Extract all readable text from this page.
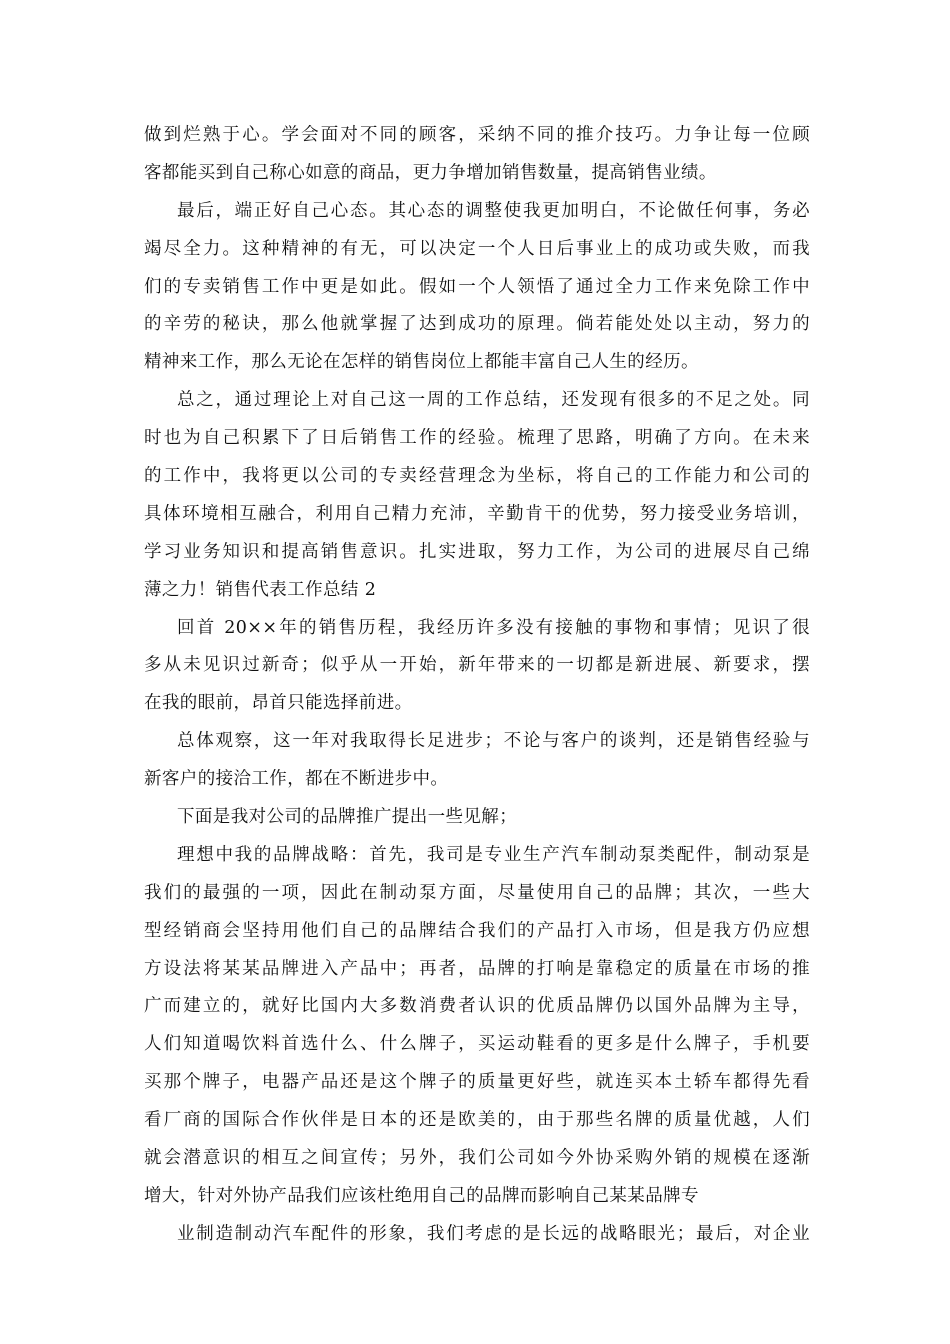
做到烂熟于心。学会面对不同的顾客，采纳不同的推介技巧。力争让每一位顾
客都能买到自己称心如意的商品，更力争增加销售数量，提高销售业绩。
最后，端正好自己心态。其心态的调整使我更加明白，不论做任何事，务必
竭尽全力。这种精神的有无，可以决定一个人日后事业上的成功或失败，而我
们的专卖销售工作中更是如此。假如一个人领悟了通过全力工作来免除工作中
的辛劳的秘诀，那么他就掌握了达到成功的原理。倘若能处处以主动，努力的
精神来工作，那么无论在怎样的销售岗位上都能丰富自己人生的经历。
总之，通过理论上对自己这一周的工作总结，还发现有很多的不足之处。同
时也为自己积累下了日后销售工作的经验。梳理了思路，明确了方向。在未来
的工作中，我将更以公司的专卖经营理念为坐标，将自己的工作能力和公司的
具体环境相互融合，利用自己精力充沛，辛勤肯干的优势，努力接受业务培训，
学习业务知识和提高销售意识。扎实进取，努力工作，为公司的进展尽自己绵
薄之力！销售代表工作总结 2
回首 20××年的销售历程，我经历许多没有接触的事物和事情；见识了很
多从未见识过新奇；似乎从一开始，新年带来的一切都是新进展、新要求，摆
在我的眼前，昂首只能选择前进。
总体观察，这一年对我取得长足进步；不论与客户的谈判，还是销售经验与
新客户的接洽工作，都在不断进步中。
下面是我对公司的品牌推广提出一些见解；
理想中我的品牌战略：首先，我司是专业生产汽车制动泵类配件，制动泵是
我们的最强的一项，因此在制动泵方面，尽量使用自己的品牌；其次，一些大
型经销商会坚持用他们自己的品牌结合我们的产品打入市场，但是我方仍应想
方设法将某某品牌进入产品中；再者，品牌的打响是靠稳定的质量在市场的推
广而建立的，就好比国内大多数消费者认识的优质品牌仍以国外品牌为主导，
人们知道喝饮料首选什么、什么牌子，买运动鞋看的更多是什么牌子，手机要
买那个牌子，电器产品还是这个牌子的质量更好些，就连买本土轿车都得先看
看厂商的国际合作伙伴是日本的还是欧美的，由于那些名牌的质量优越，人们
就会潜意识的相互之间宣传；另外，我们公司如今外协采购外销的规模在逐渐
增大，针对外协产品我们应该杜绝用自己的品牌而影响自己某某品牌专
业制造制动汽车配件的形象，我们考虑的是长远的战略眼光；最后，对企业
